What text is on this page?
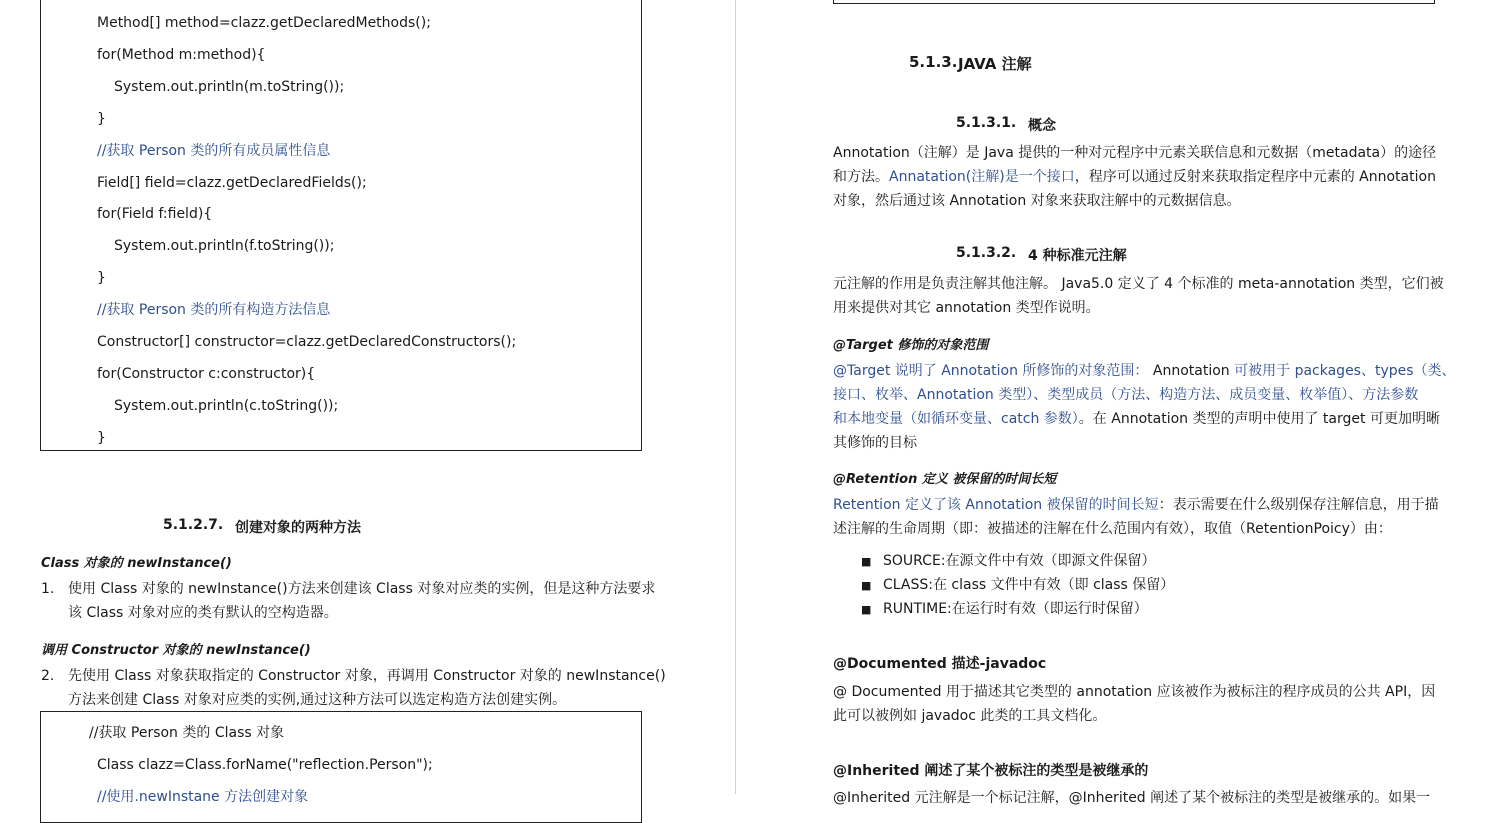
Method[] method=clazz.getDeclaredMethods();
for(Method m:method){
System.out.println(m.toString());
}
//获取 Person 类的所有成员属性信息
Field[] field=clazz.getDeclaredFields();
for(Field f:field){
System.out.println(f.toString());
}
//获取 Person 类的所有构造方法信息
Constructor[] constructor=clazz.getDeclaredConstructors();
for(Constructor c:constructor){
System.out.println(c.toString());
}
5.1.2.7. 创建对象的两种方法
Class 对象的 newInstance()
1. 使用 Class 对象的 newInstance()方法来创建该 Class 对象对应类的实例，但是这种方法要求
该 Class 对象对应的类有默认的空构造器。
调用 Constructor 对象的 newInstance()
2. 先使用 Class 对象获取指定的 Constructor 对象，再调用 Constructor 对象的 newInstance()
方法来创建 Class 对象对应类的实例,通过这种方法可以选定构造方法创建实例。
//获取 Person 类的 Class 对象
Class clazz=Class.forName("reflection.Person");
//使用.newInstane 方法创建对象
5.1.3. JAVA 注解
5.1.3.1. 概念
Annotation（注解）是 Java 提供的一种对元程序中元素关联信息和元数据（metadata）的途径
和方法。Annatation(注解)是一个接口，程序可以通过反射来获取指定程序中元素的 Annotation
对象，然后通过该 Annotation 对象来获取注解中的元数据信息。
5.1.3.2. 4 种标准元注解
元注解的作用是负责注解其他注解。 Java5.0 定义了 4 个标准的 meta-annotation 类型，它们被
用来提供对其它 annotation 类型作说明。
@Target 修饰的对象范围
@Target 说明了 Annotation 所修饰的对象范围： Annotation 可被用于 packages、types（类、
接口、枚举、Annotation 类型）、类型成员（方法、构造方法、成员变量、枚举值）、方法参数
和本地变量（如循环变量、catch 参数）。在 Annotation 类型的声明中使用了 target 可更加明晰
其修饰的目标
@Retention 定义 被保留的时间长短
Retention 定义了该 Annotation 被保留的时间长短：表示需要在什么级别保存注解信息，用于描
述注解的生命周期（即：被描述的注解在什么范围内有效），取值（RetentionPoicy）由：
■ SOURCE:在源文件中有效（即源文件保留）
■ CLASS:在 class 文件中有效（即 class 保留）
■ RUNTIME:在运行时有效（即运行时保留）
@Documented 描述-javadoc
@ Documented 用于描述其它类型的 annotation 应该被作为被标注的程序成员的公共 API，因
此可以被例如 javadoc 此类的工具文档化。
@Inherited 阐述了某个被标注的类型是被继承的
@Inherited 元注解是一个标记注解，@Inherited 阐述了某个被标注的类型是被继承的。如果一
